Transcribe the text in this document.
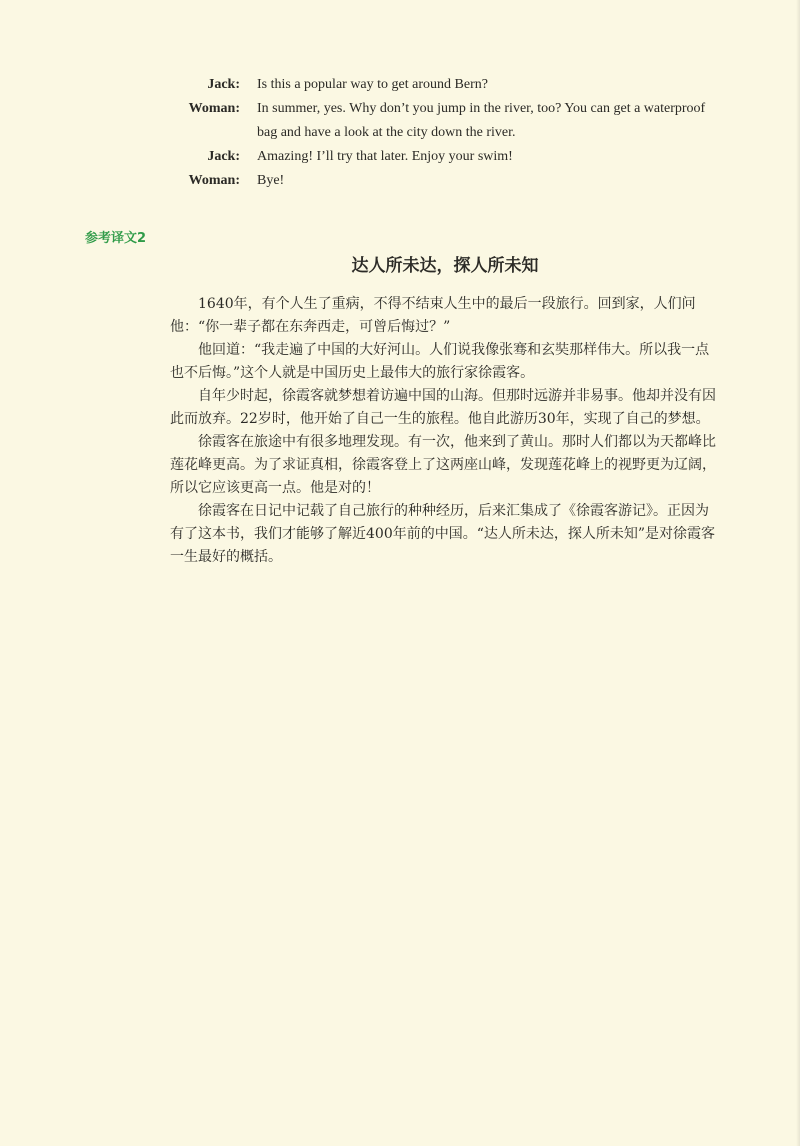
Jack:	Is this a popular way to get around Bern?
Woman:	In summer, yes. Why don’t you jump in the river, too? You can get a waterproof bag and have a look at the city down the river.
Jack:	Amazing! I’ll try that later. Enjoy your swim!
Woman:	Bye!
参考译文2
达人所未达，探人所未知

1640年，有个人生了重病，不得不结束人生中的最后一段旅行。回到家，人们问他：“你一辈子都在东奔西走，可曾后悔过？”

他回道：“我走遍了中国的大好河山。人们说我像张骞和玄奘那样伟大。所以我一点也不后悔。”这个人就是中国历史上最伟大的旅行家徐霞客。

自年少时起，徐霞客就梦想着访遍中国的山海。但那时远游并非易事。他却并没有因此而放弃。22岁时，他开始了自己一生的旅程。他自此游历30年，实现了自己的梦想。

徐霞客在旅途中有很多地理发现。有一次，他来到了黄山。那时人们都以为天都峰比莲花峰更高。为了求证真相，徐霞客登上了这两座山峰，发现莲花峰上的视野更为辽阔，所以它应该更高一点。他是对的！

徐霞客在日记中记载了自己旅行的种种经历，后来汇集成了《徐霞客游记》。正因为有了这本书，我们才能够了解近400年前的中国。“达人所未达，探人所未知”是对徐霞客一生最好的概括。
